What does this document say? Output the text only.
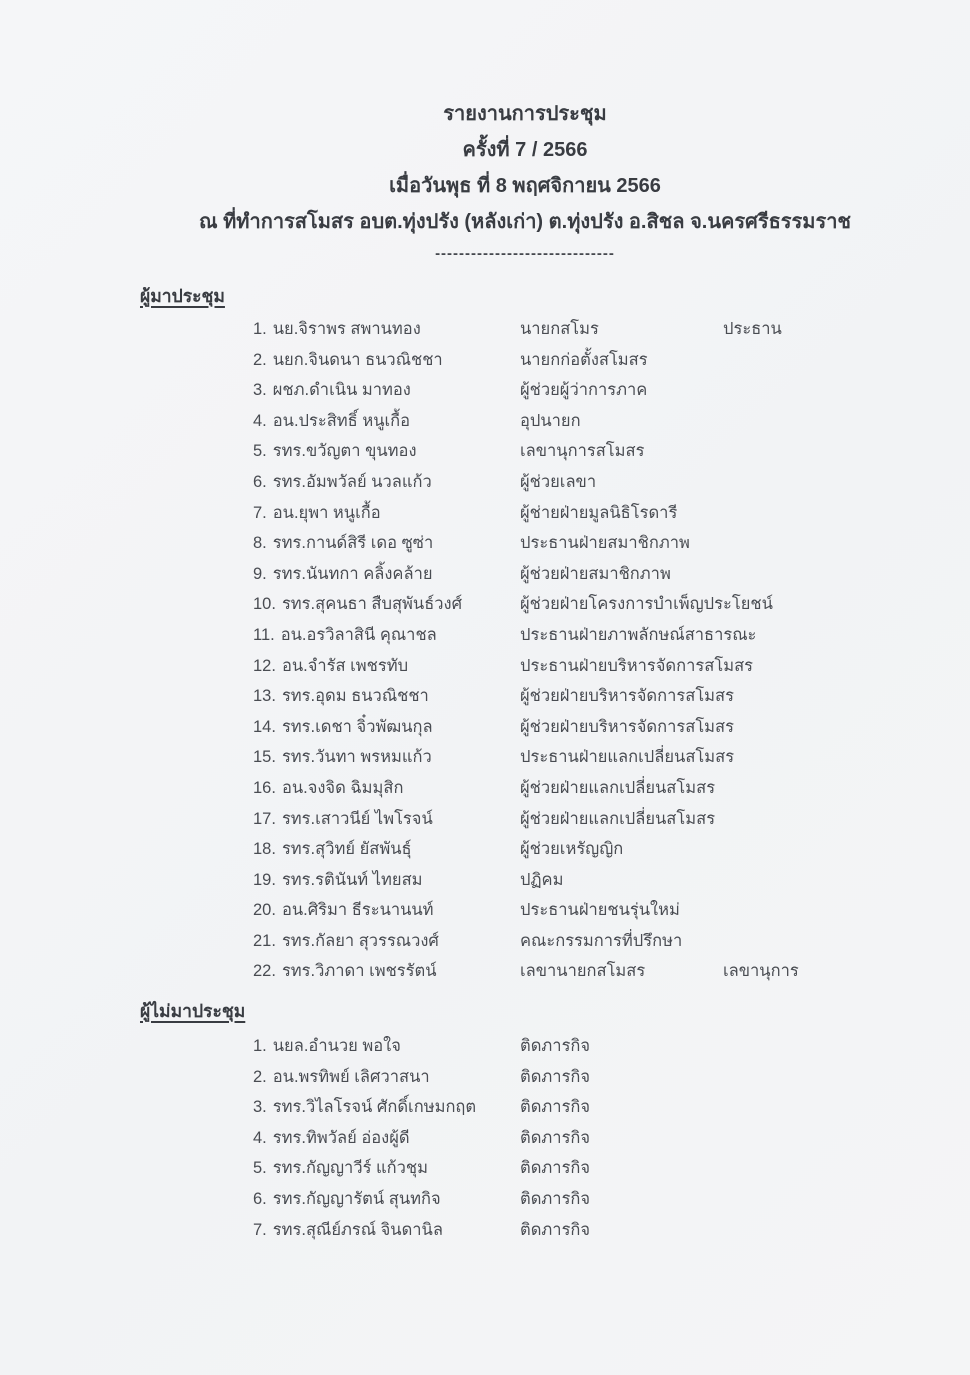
รายงานการประชุม
ครั้งที่ 7 / 2566
เมื่อวันพุธ ที่ 8 พฤศจิกายน 2566
ณ ที่ทำการสโมสร อบต.ทุ่งปรัง (หลังเก่า) ต.ทุ่งปรัง อ.สิชล จ.นครศรีธรรมราช
------------------------------
ผู้มาประชุม
1. นย.จิราพร สพานทอง	นายกสโมร	ประธาน
2. นยก.จินดนา ธนวณิชชา	นายกก่อตั้งสโมสร
3. ผชภ.ดำเนิน มาทอง	ผู้ช่วยผู้ว่าการภาค
4. อน.ประสิทธิ์ หนูเกื้อ	อุปนายก
5. รทร.ขวัญตา ขุนทอง	เลขานุการสโมสร
6. รทร.อัมพวัลย์ นวลแก้ว	ผู้ช่วยเลขา
7. อน.ยุพา หนูเกื้อ	ผู้ช่ายฝ่ายมูลนิธิโรดารี
8. รทร.กานด์สิรี เดอ ซูซ่า	ประธานฝ่ายสมาชิกภาพ
9. รทร.นันทกา คลิ้งคล้าย	ผู้ช่วยฝ่ายสมาชิกภาพ
10. รทร.สุคนธา สืบสุพันธ์วงศ์	ผู้ช่วยฝ่ายโครงการบำเพ็ญประโยชน์
11. อน.อรวิลาสินี คุณาชล	ประธานฝ่ายภาพลักษณ์สาธารณะ
12. อน.จำรัส เพชรทับ	ประธานฝ่ายบริหารจัดการสโมสร
13. รทร.อุดม ธนวณิชชา	ผู้ช่วยฝ่ายบริหารจัดการสโมสร
14. รทร.เดชา จิ๋วพัฒนกุล	ผู้ช่วยฝ่ายบริหารจัดการสโมสร
15. รทร.วันทา พรหมแก้ว	ประธานฝ่ายแลกเปลี่ยนสโมสร
16. อน.จงจิด ฉิมมุสิก	ผู้ช่วยฝ่ายแลกเปลี่ยนสโมสร
17. รทร.เสาวนีย์ ไพโรจน์	ผู้ช่วยฝ่ายแลกเปลี่ยนสโมสร
18. รทร.สุวิทย์ ยัสพันธุ์	ผู้ช่วยเหรัญญิก
19. รทร.รตินันท์ ไทยสม	ปฏิคม
20. อน.ศิริมา ธีระนานนท์	ประธานฝ่ายชนรุ่นใหม่
21. รทร.กัลยา สุวรรณวงศ์	คณะกรรมการที่ปรึกษา
22. รทร.วิภาดา เพชรรัตน์	เลขานายกสโมสร	เลขานุการ
ผู้ไม่มาประชุม
1. นยล.อำนวย พอใจ	ติดภารกิจ
2. อน.พรทิพย์ เลิศวาสนา	ติดภารกิจ
3. รทร.วิไลโรจน์ ศักดิ์เกษมกฤต	ติดภารกิจ
4. รทร.ทิพวัลย์ อ่องผู้ดี	ติดภารกิจ
5. รทร.กัญญาวีร์ แก้วชุม	ติดภารกิจ
6. รทร.กัญญารัตน์ สุนทกิจ	ติดภารกิจ
7. รทร.สุณีย์ภรณ์ จินดานิล	ติดภารกิจ
